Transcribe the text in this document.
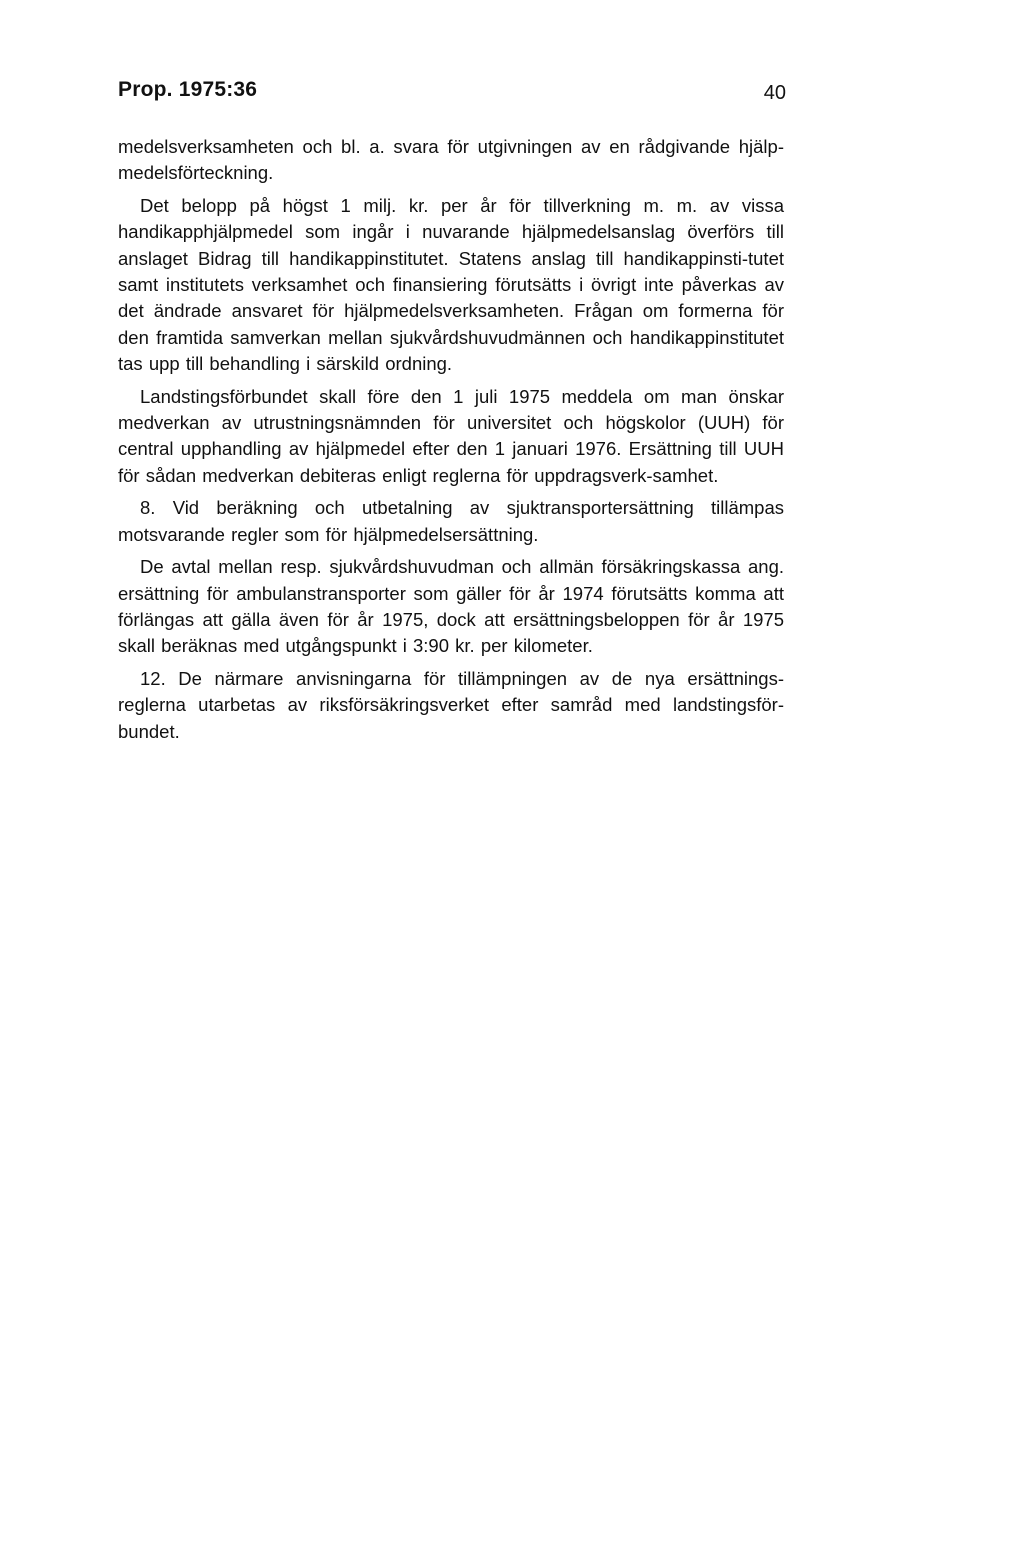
Prop. 1975:36	40

medelsverksamheten och bl. a. svara för utgivningen av en rådgivande hjälp-medelsförteckning.

Det belopp på högst 1 milj. kr. per år för tillverkning m. m. av vissa handikapphjälpmedel som ingår i nuvarande hjälpmedelsanslag överförs till anslaget Bidrag till handikappinstitutet. Statens anslag till handikappinsti-tutet samt institutets verksamhet och finansiering förutsätts i övrigt inte påverkas av det ändrade ansvaret för hjälpmedelsverksamheten. Frågan om formerna för den framtida samverkan mellan sjukvårdshuvudmännen och handikappinstitutet tas upp till behandling i särskild ordning.

Landstingsförbundet skall före den 1 juli 1975 meddela om man önskar medverkan av utrustningsnämnden för universitet och högskolor (UUH) för central upphandling av hjälpmedel efter den 1 januari 1976. Ersättning till UUH för sådan medverkan debiteras enligt reglerna för uppdragsverk-samhet.

8. Vid beräkning och utbetalning av sjuktransportersättning tillämpas motsvarande regler som för hjälpmedelsersättning.

De avtal mellan resp. sjukvårdshuvudman och allmän försäkringskassa ang. ersättning för ambulanstransporter som gäller för år 1974 förutsätts komma att förlängas att gälla även för år 1975, dock att ersättningsbeloppen för år 1975 skall beräknas med utgångspunkt i 3:90 kr. per kilometer.

12. De närmare anvisningarna för tillämpningen av de nya ersättnings-reglerna utarbetas av riksförsäkringsverket efter samråd med landstingsför-bundet.
